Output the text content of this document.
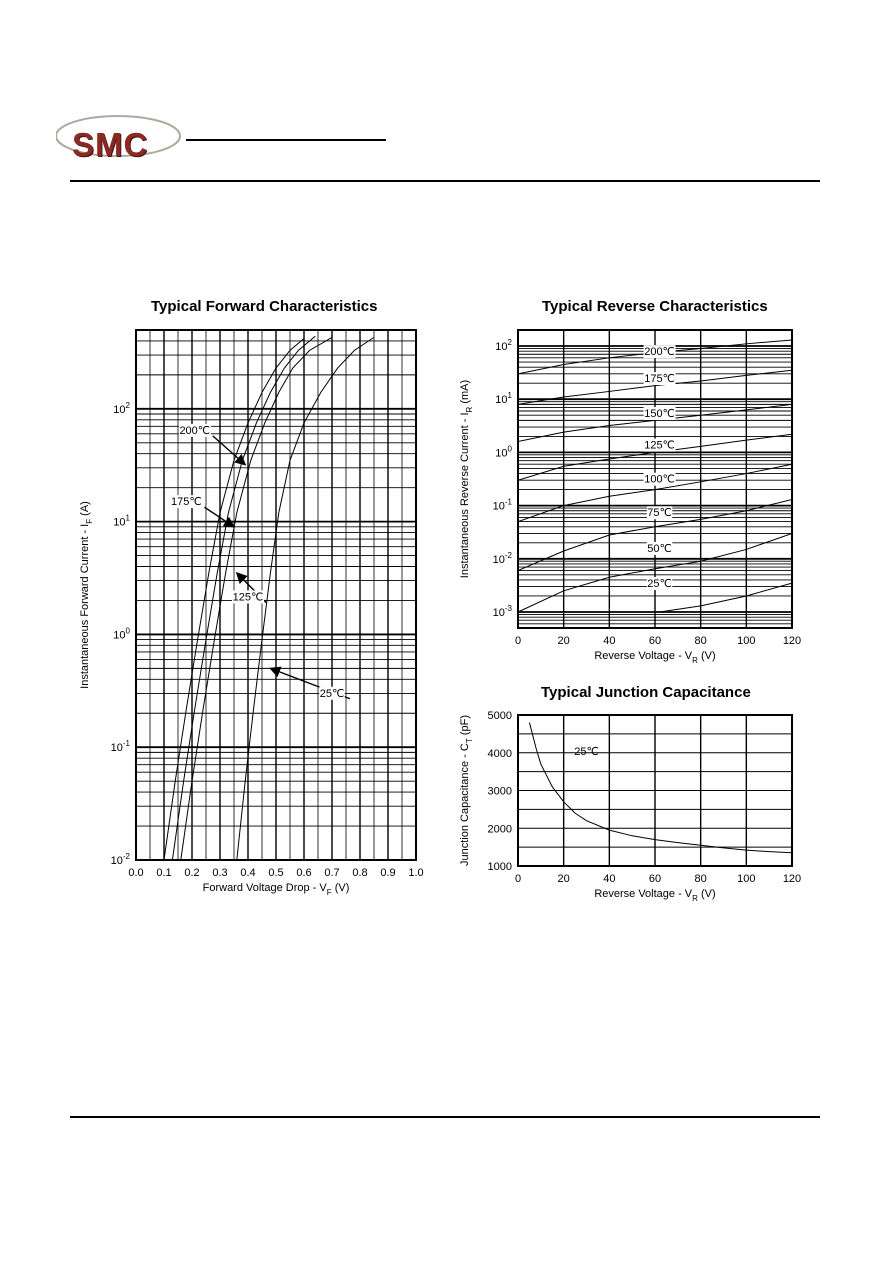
SMC
Typical Forward Characteristics
0.0 0.1 0.2 0.3 0.4 0.5 0.6 0.7 0.8 0.9 1.0
$10^{-2}$
$10^{-1}$
$10^0$
$10^1$
$10^2$
Forward Voltage Drop - $V_F$ (V)
Instantaneous Forward Current - $I_F$ (A)
200℃
175℃
125℃
25℃
Typical Reverse Characteristics
0	20	40	60	80	100 120
$10^{-3}$
$10^{-2}$
$10^{-1}$
$10^0$
$10^1$
$10^2$
Reverse Voltage - $V_R$ (V)
Instantaneous Reverse Current - $I_R$ (mA)
200℃
175℃
150℃
125℃
100℃
75℃
50℃
25℃
Typical Junction Capacitance
0	20	40	60	80	100 120
1000
2000
3000
4000
5000
Reverse Voltage - $V_R$ (V)
Junction Capacitance - $C_T$ (pF)
25℃
